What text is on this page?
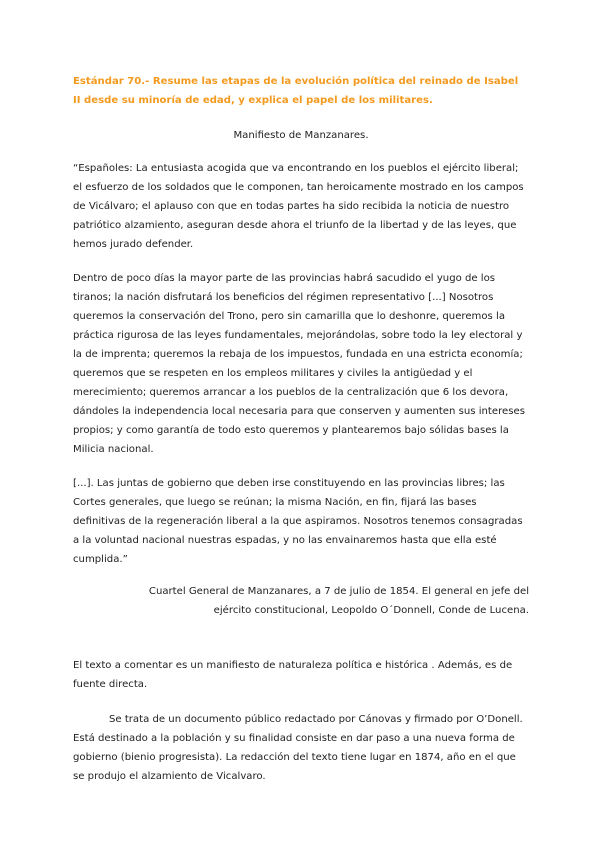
Estándar 70.- Resume las etapas de la evolución política del reinado de Isabel II desde su minoría de edad, y explica el papel de los militares.

Manifiesto de Manzanares.

“Españoles: La entusiasta acogida que va encontrando en los pueblos el ejército liberal; el esfuerzo de los soldados que le componen, tan heroicamente mostrado en los campos de Vicálvaro; el aplauso con que en todas partes ha sido recibida la noticia de nuestro patriótico alzamiento, aseguran desde ahora el triunfo de la libertad y de las leyes, que hemos jurado defender.

Dentro de poco días la mayor parte de las provincias habrá sacudido el yugo de los tiranos; la nación disfrutará los beneficios del régimen representativo [...] Nosotros queremos la conservación del Trono, pero sin camarilla que lo deshonre, queremos la práctica rigurosa de las leyes fundamentales, mejorándolas, sobre todo la ley electoral y la de imprenta; queremos la rebaja de los impuestos, fundada en una estricta economía; queremos que se respeten en los empleos militares y civiles la antigüedad y el merecimiento; queremos arrancar a los pueblos de la centralización que 6 los devora, dándoles la independencia local necesaria para que conserven y aumenten sus intereses propios; y como garantía de todo esto queremos y plantearemos bajo sólidas bases la Milicia nacional.

[...]. Las juntas de gobierno que deben irse constituyendo en las provincias libres; las Cortes generales, que luego se reúnan; la misma Nación, en fin, fijará las bases definitivas de la regeneración liberal a la que aspiramos. Nosotros tenemos consagradas a la voluntad nacional nuestras espadas, y no las envainaremos hasta que ella esté cumplida.”

Cuartel General de Manzanares, a 7 de julio de 1854. El general en jefe del ejército constitucional, Leopoldo O´Donnell, Conde de Lucena.

El texto a comentar es un manifiesto de naturaleza política e histórica . Además, es de fuente directa.

Se trata de un documento público redactado por Cánovas y firmado por O’Donell. Está destinado a la población y su finalidad consiste en dar paso a una nueva forma de gobierno (bienio progresista). La redacción del texto tiene lugar en 1874, año en el que se produjo el alzamiento de Vicalvaro.
